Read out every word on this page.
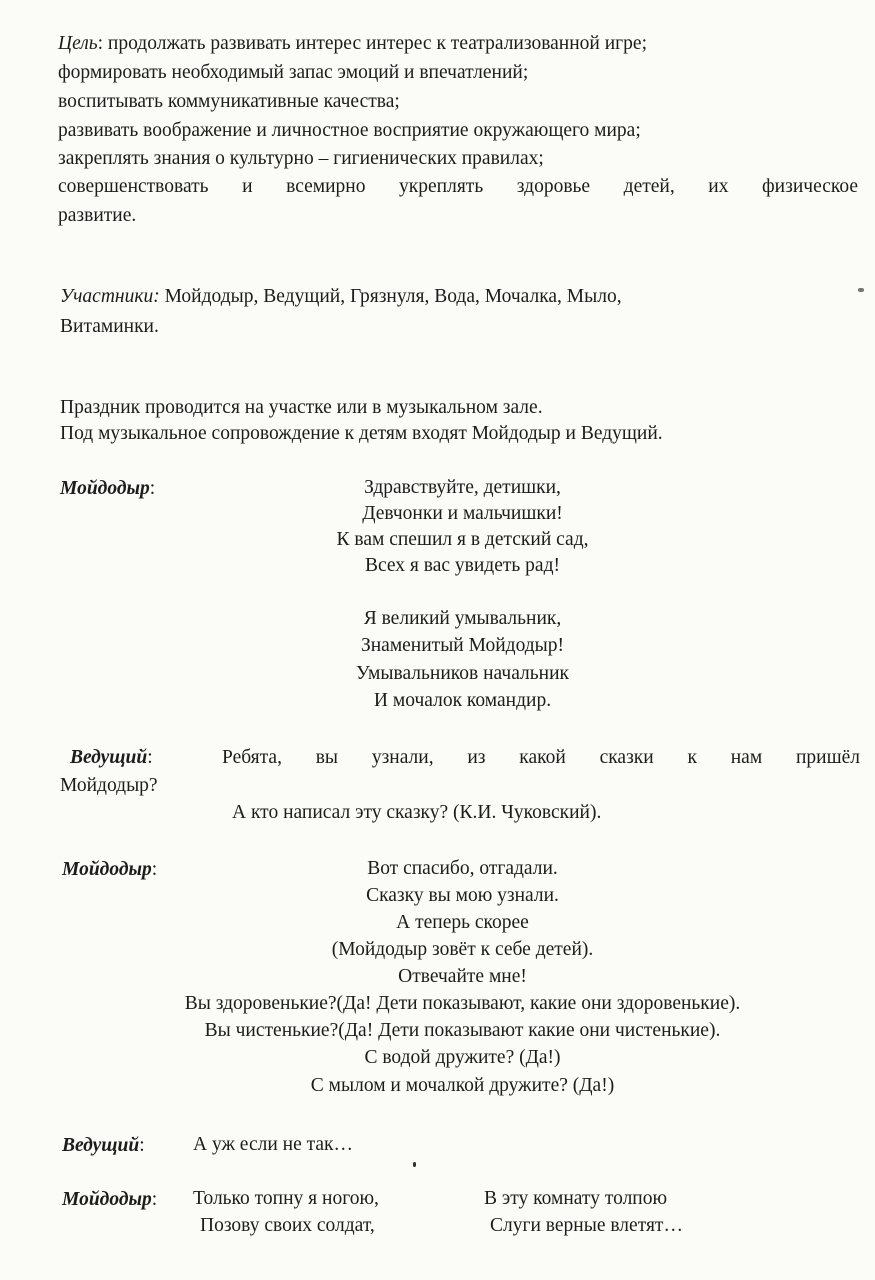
Цель: продолжать развивать интерес интерес к театрализованной игре;
формировать необходимый запас эмоций и впечатлений;
воспитывать коммуникативные качества;
развивать воображение и личностное восприятие окружающего мира;
закреплять знания о культурно – гигиенических правилах;
совершенствовать и всемирно укреплять здоровье детей, их физическое
развитие.
Участники: Мойдодыр, Ведущий, Грязнуля, Вода, Мочалка, Мыло,
Витаминки.
Праздник проводится на участке или в музыкальном зале.
Под музыкальное сопровождение к детям входят Мойдодыр и Ведущий.
Мойдодыр:	Здравствуйте, детишки,
Девчонки и мальчишки!
К вам спешил я в детский сад,
Всех я вас увидеть рад!
Я великий умывальник,
Знаменитый Мойдодыр!
Умывальников начальник
И мочалок командир.
Ведущий:	Ребята, вы узнали, из какой сказки к нам пришёл
Мойдодыр?
А кто написал эту сказку? (К.И. Чуковский).
Мойдодыр:	Вот спасибо, отгадали.
Сказку вы мою узнали.
А теперь скорее
(Мойдодыр зовёт к себе детей).
Отвечайте мне!
Вы здоровенькие?(Да! Дети показывают, какие они здоровенькие).
Вы чистенькие?(Да! Дети показывают какие они чистенькие).
С водой дружите? (Да!)
С мылом и мочалкой дружите? (Да!)
Ведущий: А уж если не так…
Мойдодыр: Только топну я ногою,
Позову своих солдат,
В эту комнату толпою
Слуги верные влетят…
